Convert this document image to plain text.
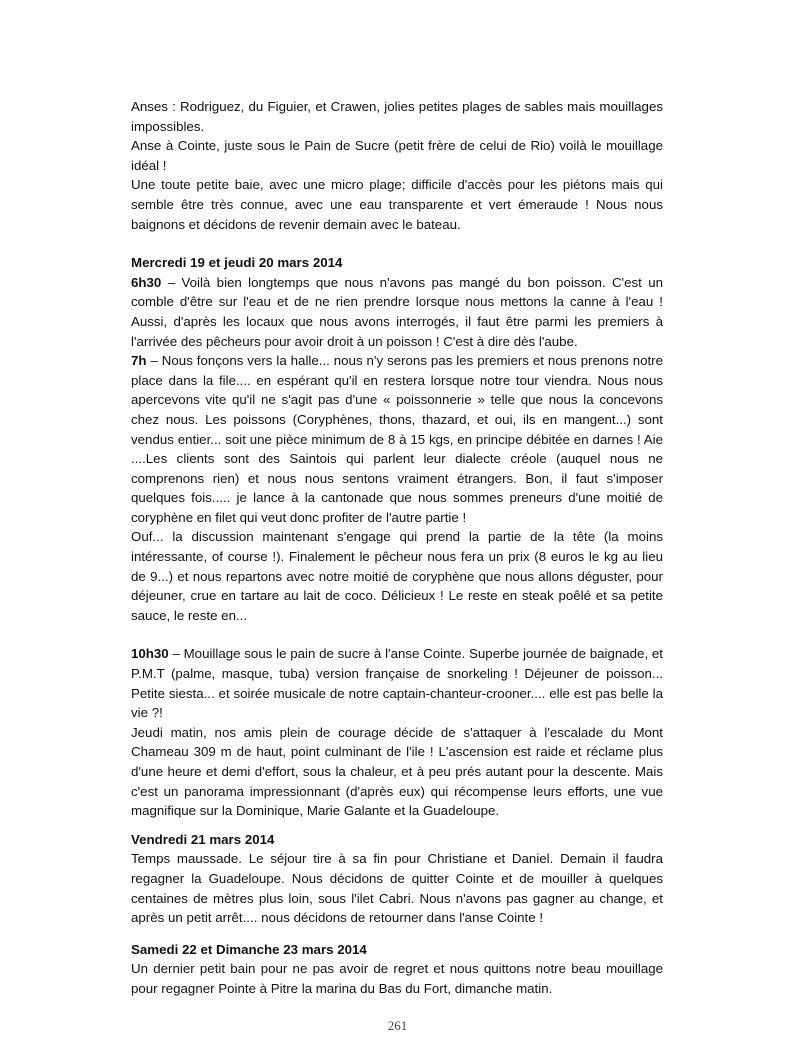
Anses : Rodriguez, du Figuier, et Crawen, jolies petites plages de sables mais mouillages impossibles.

Anse à Cointe, juste sous le Pain de Sucre (petit frère de celui de Rio) voilà le mouillage idéal !

Une toute petite baie, avec une micro plage; difficile d'accès pour les piétons mais qui semble être très connue, avec une eau transparente et vert émeraude ! Nous nous baignons et décidons de revenir demain avec le bateau.

Mercredi 19 et jeudi 20 mars 2014

6h30 – Voilà bien longtemps que nous n'avons pas mangé du bon poisson. C'est un comble d'être sur l'eau et de ne rien prendre lorsque nous mettons la canne à l'eau ! Aussi, d'après les locaux que nous avons interrogés, il faut être parmi les premiers à l'arrivée des pêcheurs pour avoir droit à un poisson ! C'est à dire dès l'aube.

7h – Nous fonçons vers la halle... nous n'y serons pas les premiers et nous prenons notre place dans la file.... en espérant qu'il en restera lorsque notre tour viendra. Nous nous apercevons vite qu'il ne s'agit pas d'une « poissonnerie » telle que nous la concevons chez nous. Les poissons (Coryphènes, thons, thazard, et oui, ils en mangent...) sont vendus entier... soit une pièce minimum de 8 à 15 kgs, en principe débitée en darnes ! Aie ....Les clients sont des Saintois qui parlent leur dialecte créole (auquel nous ne comprenons rien) et nous nous sentons vraiment étrangers. Bon, il faut s'imposer quelques fois..... je lance à la cantonade que nous sommes preneurs d'une moitié de coryphène en filet qui veut donc profiter de l'autre partie !

Ouf... la discussion maintenant s'engage qui prend la partie de la tête (la moins intéressante, of course !). Finalement le pêcheur nous fera un prix (8 euros le kg au lieu de 9...) et nous repartons avec notre moitié de coryphène que nous allons déguster, pour déjeuner, crue en tartare au lait de coco. Délicieux ! Le reste en steak poêlé et sa petite sauce, le reste en...

10h30 – Mouillage sous le pain de sucre à l'anse Cointe. Superbe journée de baignade, et P.M.T (palme, masque, tuba) version française de snorkeling ! Déjeuner de poisson... Petite siesta... et soirée musicale de notre captain-chanteur-crooner.... elle est pas belle la vie ?!

Jeudi matin, nos amis plein de courage décide de s'attaquer à l'escalade du Mont Chameau 309 m de haut, point culminant de l'ile ! L'ascension est raide et réclame plus d'une heure et demi d'effort, sous la chaleur, et à peu prés autant pour la descente. Mais c'est un panorama impressionnant (d'après eux) qui récompense leurs efforts, une vue magnifique sur la Dominique, Marie Galante et la Guadeloupe.

Vendredi 21 mars 2014

Temps maussade. Le séjour tire à sa fin pour Christiane et Daniel. Demain il faudra regagner la Guadeloupe. Nous décidons de quitter Cointe et de mouiller à quelques centaines de mètres plus loin, sous l'ilet Cabri. Nous n'avons pas gagner au change, et après un petit arrêt.... nous décidons de retourner dans l'anse Cointe !

Samedi 22 et Dimanche 23 mars 2014

Un dernier petit bain pour ne pas avoir de regret et nous quittons notre beau mouillage pour regagner Pointe à Pitre la marina du Bas du Fort, dimanche matin.

261
